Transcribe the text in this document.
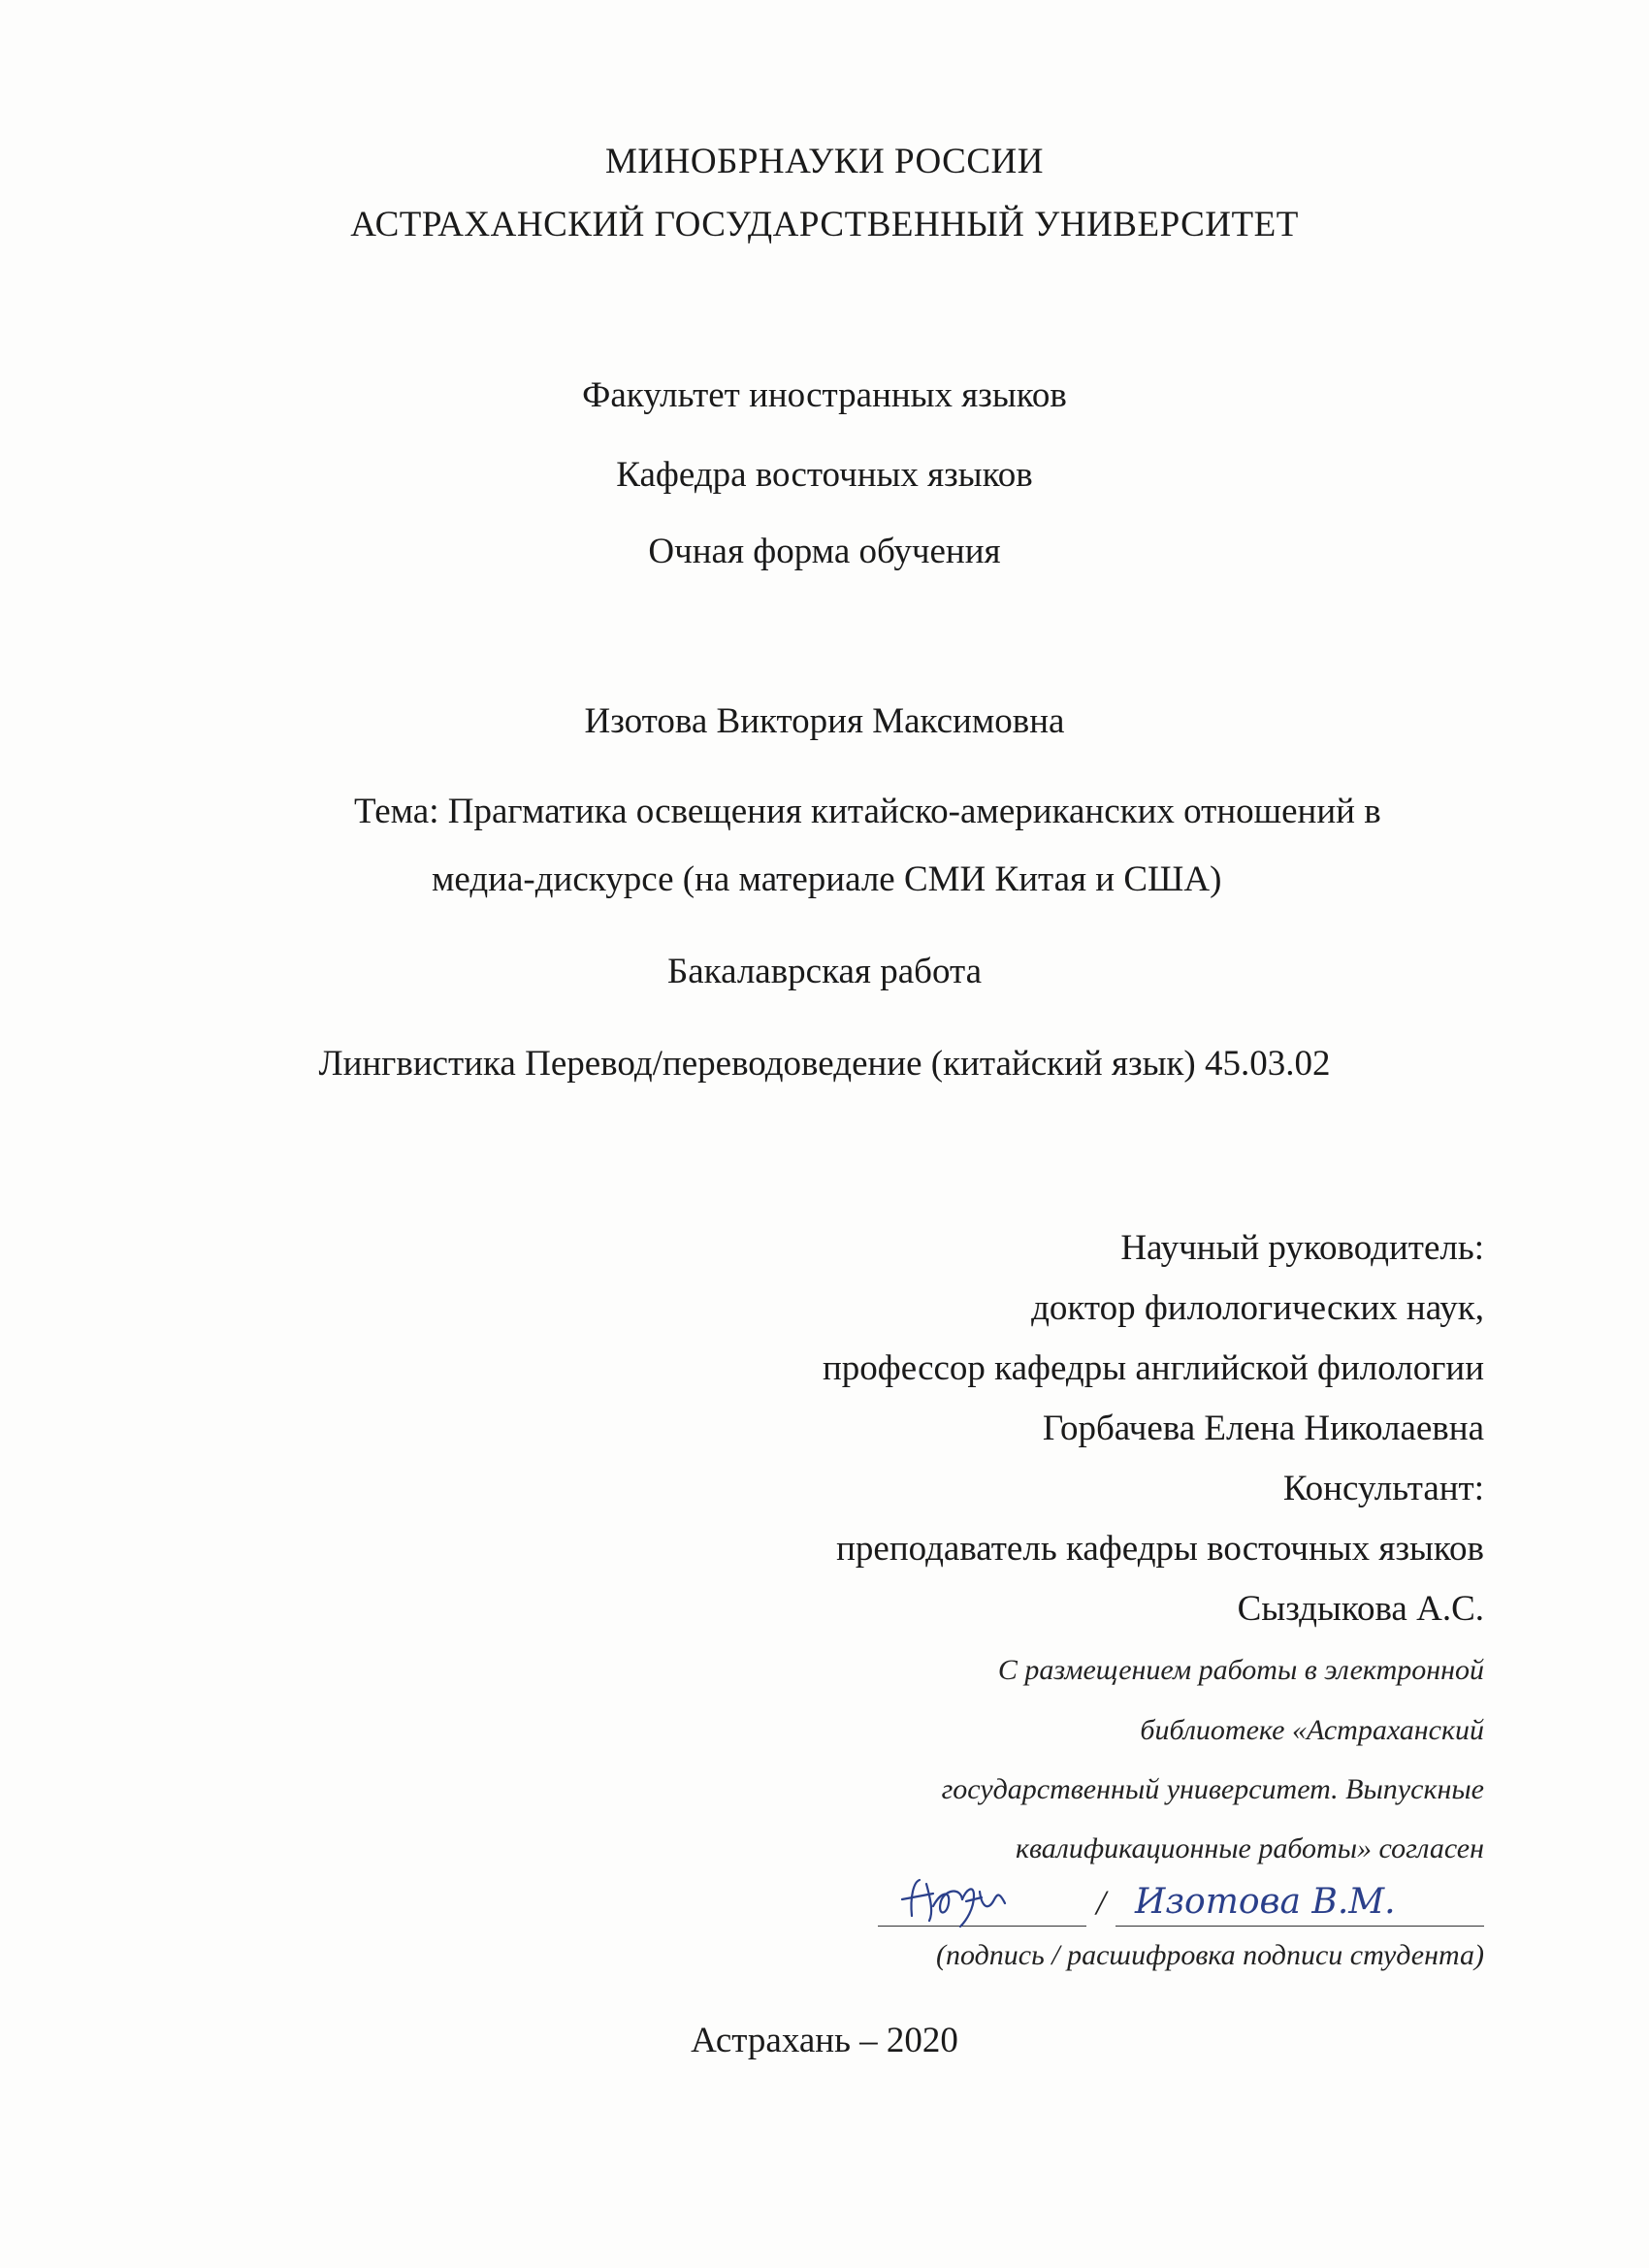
МИНОБРНАУКИ РОССИИ
АСТРАХАНСКИЙ ГОСУДАРСТВЕННЫЙ УНИВЕРСИТЕТ
Факультет иностранных языков
Кафедра восточных языков
Очная форма обучения
Изотова Виктория Максимовна
Тема: Прагматика освещения китайско-американских отношений в
медиа-дискурсе (на материале СМИ Китая и США)
Бакалаврская работа
Лингвистика Перевод/переводоведение (китайский язык) 45.03.02
Научный руководитель:
доктор филологических наук,
профессор кафедры английской филологии
Горбачева Елена Николаевна
Консультант:
преподаватель кафедры восточных языков
Сыздыкова А.С.
С размещением работы в электронной
библиотеке «Астраханский
государственный университет. Выпускные
квалификационные работы» согласен
/ Изотова В.М.
(подпись / расшифровка подписи студента)
Астрахань – 2020
